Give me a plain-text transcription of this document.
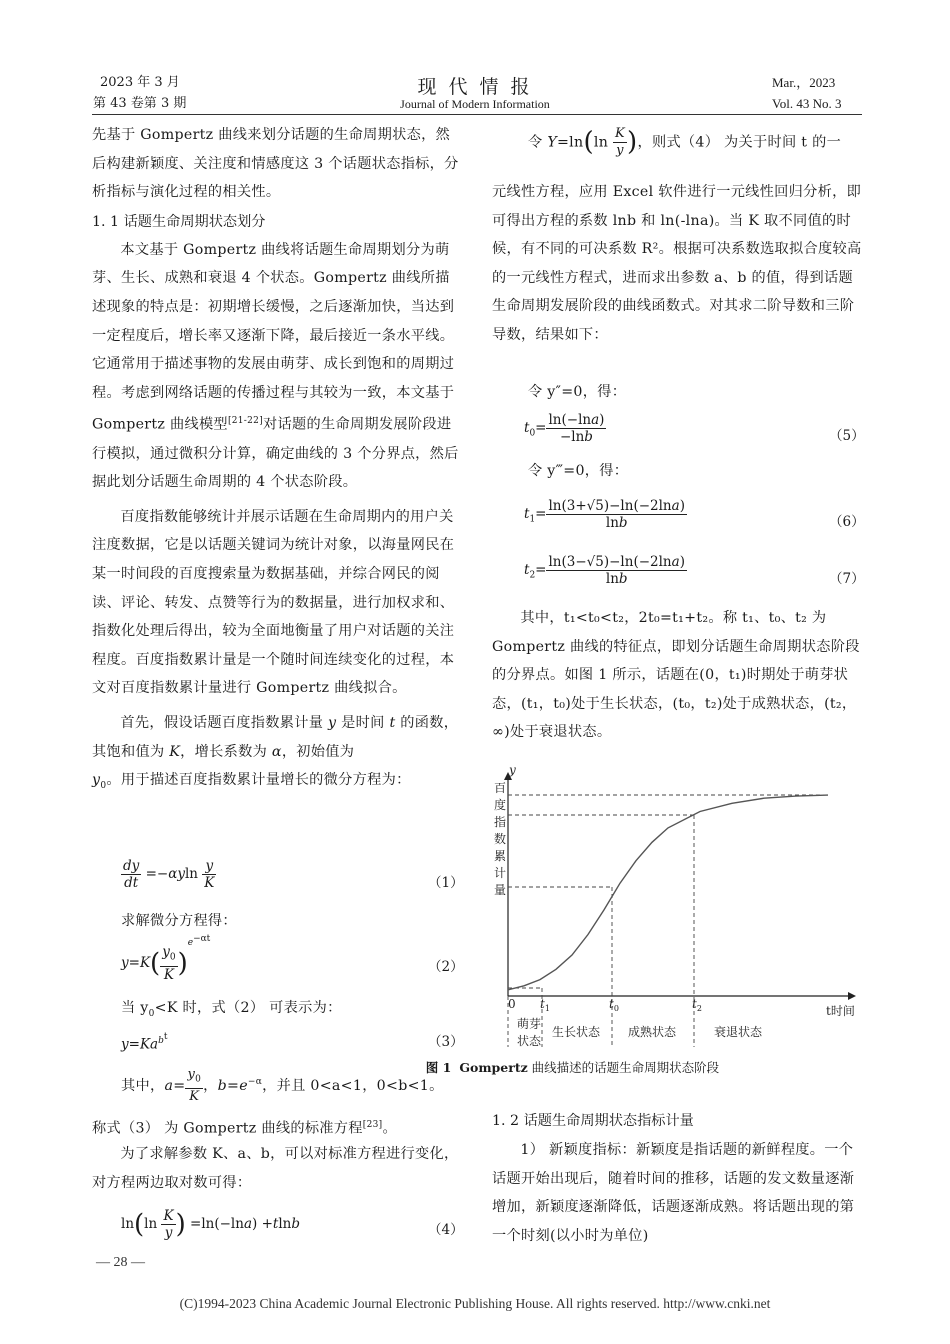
2023 年 3 月
第 43 卷第 3 期
现 代 情 报
Journal of Modern Information
Mar.，2023
Vol. 43 No. 3

先基于 Gompertz 曲线来划分话题的生命周期状态，然后构建新颖度、关注度和情感度这 3 个话题状态指标，分析指标与演化过程的相关性。

1. 1 话题生命周期状态划分

本文基于 Gompertz 曲线将话题生命周期划分为萌芽、生长、成熟和衰退 4 个状态。Gompertz 曲线所描述现象的特点是：初期增长缓慢，之后逐渐加快，当达到一定程度后，增长率又逐渐下降，最后接近一条水平线。它通常用于描述事物的发展由萌芽、成长到饱和的周期过程。考虑到网络话题的传播过程与其较为一致，本文基于 Gompertz 曲线模型[21-22]对话题的生命周期发展阶段进行模拟，通过微积分计算，确定曲线的 3 个分界点，然后据此划分话题生命周期的 4 个状态阶段。

百度指数能够统计并展示话题在生命周期内的用户关注度数据，它是以话题关键词为统计对象，以海量网民在某一时间段的百度搜索量为数据基础，并综合网民的阅读、评论、转发、点赞等行为的数据量，进行加权求和、指数化处理后得出，较为全面地衡量了用户对话题的关注程度。百度指数累计量是一个随时间连续变化的过程，本文对百度指数累计量进行 Gompertz 曲线拟合。

首先，假设话题百度指数累计量 y 是时间 t 的函数，其饱和值为 K，增长系数为 α，初始值为
$y_0$。用于描述百度指数累计量增长的微分方程为：

$\frac{dy}{dt} =-\alpha yln \frac{y}{K}$	（1）
求解微分方程得：
$y=K( \frac{y_0}{K} )^{e^{-\alpha t}}$
（2）
当 $y_0<K$ 时，式（2） 可表示为：
$y=Ka^{b^t}$	（3）
其中，$a= \frac{y_0}{K}$ ，$b=e^{-\alpha}$，并且 0<a<1，0<b<1。
称式（3） 为 Gompertz 曲线的标准方程[23]。
为了求解参数 K、a、b，可以对标准方程进行变化，对方程两边取对数可得：
$\ln(\ln \frac{K}{y}$ ) =ln(−lna) +tlnb	（4）
— 28 —
令 $Y=\ln(\ln \frac{K}{y}$ )，则式（4） 为关于时间 t 的一

元线性方程，应用 Excel 软件进行一元线性回归分析，即可得出方程的系数 lnb 和 ln(-lna)。当 K 取不同值的时候，有不同的可决系数 R²。根据可决系数选取拟合度较高的一元线性方程式，进而求出参数 a、b 的值，得到话题生命周期发展阶段的曲线函数式。对其求二阶导数和三阶导数，结果如下：

令 y″=0，得：
$t_0= \frac{\ln(-\ln a)}{-\ln b}$	（5）
令 y‴=0，得：
$t_1= \frac{\ln(3+√5)-\ln(-2\ln a)}{\ln b}$	（6）
$t_2= \frac{\ln(3-√5)-\ln(-2\ln a)}{\ln b}$	（7）

其中，t₁<t₀<t₂，2t₀=t₁+t₂。称 t₁、t₀、t₂ 为 Gompertz 曲线的特征点，即划分话题生命周期状态阶段的分界点。如图 1 所示，话题在(0，t₁)时期处于萌芽状态，(t₁，t₀)处于生长状态，(t₀，t₂)处于成熟状态，(t₂，∞)处于衰退状态。

y
百
度
指
数
累
计
量
0	t时间
$t_1$	$t_0$	$t_2$
萌芽
状态
生长状态 成熟状态	衰退状态
图 1 Gompertz 曲线描述的话题生命周期状态阶段
1. 2 话题生命周期状态指标计量

1） 新颖度指标：新颖度是指话题的新鲜程度。一个话题开始出现后，随着时间的推移，话题的发文数量逐渐增加，新颖度逐渐降低，话题逐渐成熟。将话题出现的第一个时刻(以小时为单位)

(C)1994-2023 China Academic Journal Electronic Publishing House. All rights reserved. http://www.cnki.net
